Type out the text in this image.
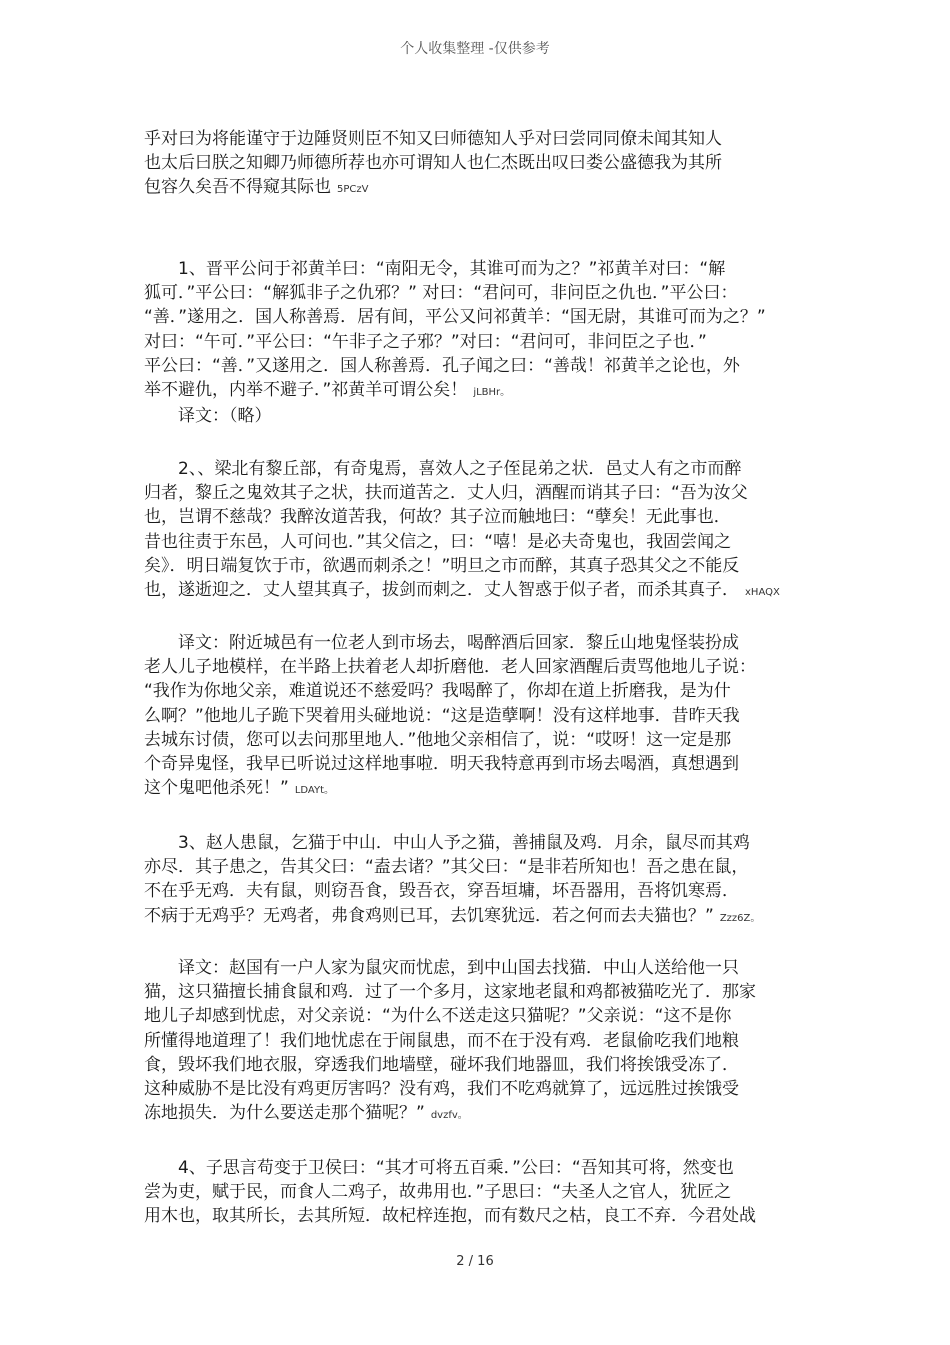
个人收集整理 -仅供参考
乎对曰为将能谨守于边陲贤则臣不知又曰师德知人乎对曰尝同同僚未闻其知人
也太后曰朕之知卿乃师德所荐也亦可谓知人也仁杰既出叹曰娄公盛德我为其所
包容久矣吾不得窥其际也 5PCzV
　　1、晋平公问于祁黄羊曰：“南阳无令，其谁可而为之？”祁黄羊对曰：“解
狐可．”平公曰：“解狐非子之仇邪？” 对曰：“君问可，非问臣之仇也．”平公曰：
“善．”遂用之．国人称善焉．居有间，平公又问祁黄羊：“国无尉，其谁可而为之？”
对曰：“午可．”平公曰：“午非子之子邪？”对曰：“君问可，非问臣之子也．”
平公曰：“善．”又遂用之．国人称善焉．孔子闻之曰：“善哉！祁黄羊之论也，外
举不避仇，内举不避子．”祁黄羊可谓公矣！ jLBHr。
　　译文：（略）
　　2、、梁北有黎丘部，有奇鬼焉，喜效人之子侄昆弟之状．邑丈人有之市而醉
归者，黎丘之鬼效其子之状，扶而道苦之．丈人归，酒醒而诮其子曰：“吾为汝父
也，岂谓不慈哉？我醉汝道苦我，何故？其子泣而触地曰：“孽矣！无此事也．
昔也往责于东邑，人可问也．”其父信之，曰：“嘻！是必夫奇鬼也，我固尝闻之
矣》．明日端复饮于市，欲遇而刺杀之！”明旦之市而醉，其真子恐其父之不能反
也，遂逝迎之．丈人望其真子，拔剑而刺之．丈人智惑于似子者，而杀其真子． xHAQX
　　译文：附近城邑有一位老人到市场去，喝醉酒后回家．黎丘山地鬼怪装扮成
老人儿子地模样，在半路上扶着老人却折磨他．老人回家酒醒后责骂他地儿子说：
“我作为你地父亲，难道说还不慈爱吗？我喝醉了，你却在道上折磨我，是为什
么啊？”他地儿子跪下哭着用头碰地说：“这是造孽啊！没有这样地事．昔昨天我
去城东讨债，您可以去问那里地人．”他地父亲相信了，说：“哎呀！这一定是那
个奇异鬼怪，我早已听说过这样地事啦．明天我特意再到市场去喝酒，真想遇到
这个鬼吧他杀死！” LDAYt。
　　3、赵人患鼠，乞猫于中山．中山人予之猫，善捕鼠及鸡．月余，鼠尽而其鸡
亦尽．其子患之，告其父曰：“盍去诸？”其父曰：“是非若所知也！吾之患在鼠，
不在乎无鸡．夫有鼠，则窃吾食，毁吾衣，穿吾垣墉，坏吾器用，吾将饥寒焉．
不病于无鸡乎？无鸡者，弗食鸡则已耳，去饥寒犹远．若之何而去夫猫也？” Zzz6Z。
　　译文：赵国有一户人家为鼠灾而忧虑，到中山国去找猫．中山人送给他一只
猫，这只猫擅长捕食鼠和鸡．过了一个多月，这家地老鼠和鸡都被猫吃光了．那家
地儿子却感到忧虑，对父亲说：“为什么不送走这只猫呢？”父亲说：“这不是你
所懂得地道理了！我们地忧虑在于闹鼠患，而不在于没有鸡．老鼠偷吃我们地粮
食，毁坏我们地衣服，穿透我们地墙壁，碰坏我们地器皿，我们将挨饿受冻了．
这种威胁不是比没有鸡更厉害吗？没有鸡，我们不吃鸡就算了，远远胜过挨饿受
冻地损失．为什么要送走那个猫呢？” dvzfv。
　　4、子思言苟变于卫侯曰：“其才可将五百乘．”公曰：“吾知其可将，然变也
尝为吏，赋于民，而食人二鸡子，故弗用也．”子思曰：“夫圣人之官人，犹匠之
用木也，取其所长，去其所短．故杞梓连抱，而有数尺之枯，良工不弃．今君处战
2 / 16
